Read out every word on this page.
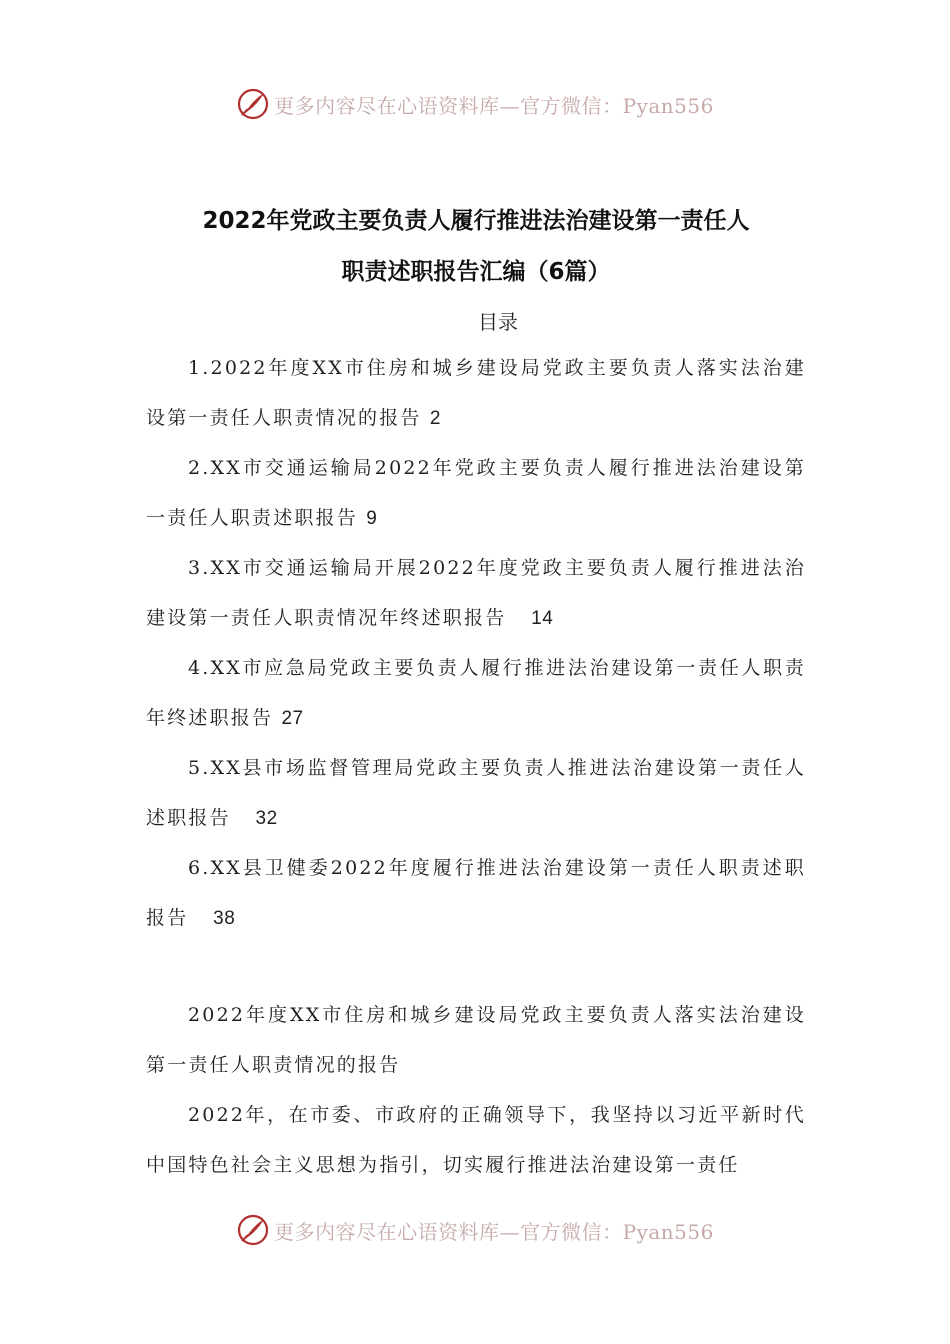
更多内容尽在心语资料库—官方微信：Pyan556
2022年党政主要负责人履行推进法治建设第一责任人
职责述职报告汇编（6篇）
目录

1.2022年度XX市住房和城乡建设局党政主要负责人落实法治建设第一责任人职责情况的报告 2

2.XX市交通运输局2022年党政主要负责人履行推进法治建设第一责任人职责述职报告 9

3.XX市交通运输局开展2022年度党政主要负责人履行推进法治建设第一责任人职责情况年终述职报告 14

4.XX市应急局党政主要负责人履行推进法治建设第一责任人职责年终述职报告 27

5.XX县市场监督管理局党政主要负责人推进法治建设第一责任人述职报告 32

6.XX县卫健委2022年度履行推进法治建设第一责任人职责述职报告 38

2022年度XX市住房和城乡建设局党政主要负责人落实法治建设第一责任人职责情况的报告

2022年，在市委、市政府的正确领导下，我坚持以习近平新时代中国特色社会主义思想为指引，切实履行推进法治建设第一责任

更多内容尽在心语资料库—官方微信：Pyan556
